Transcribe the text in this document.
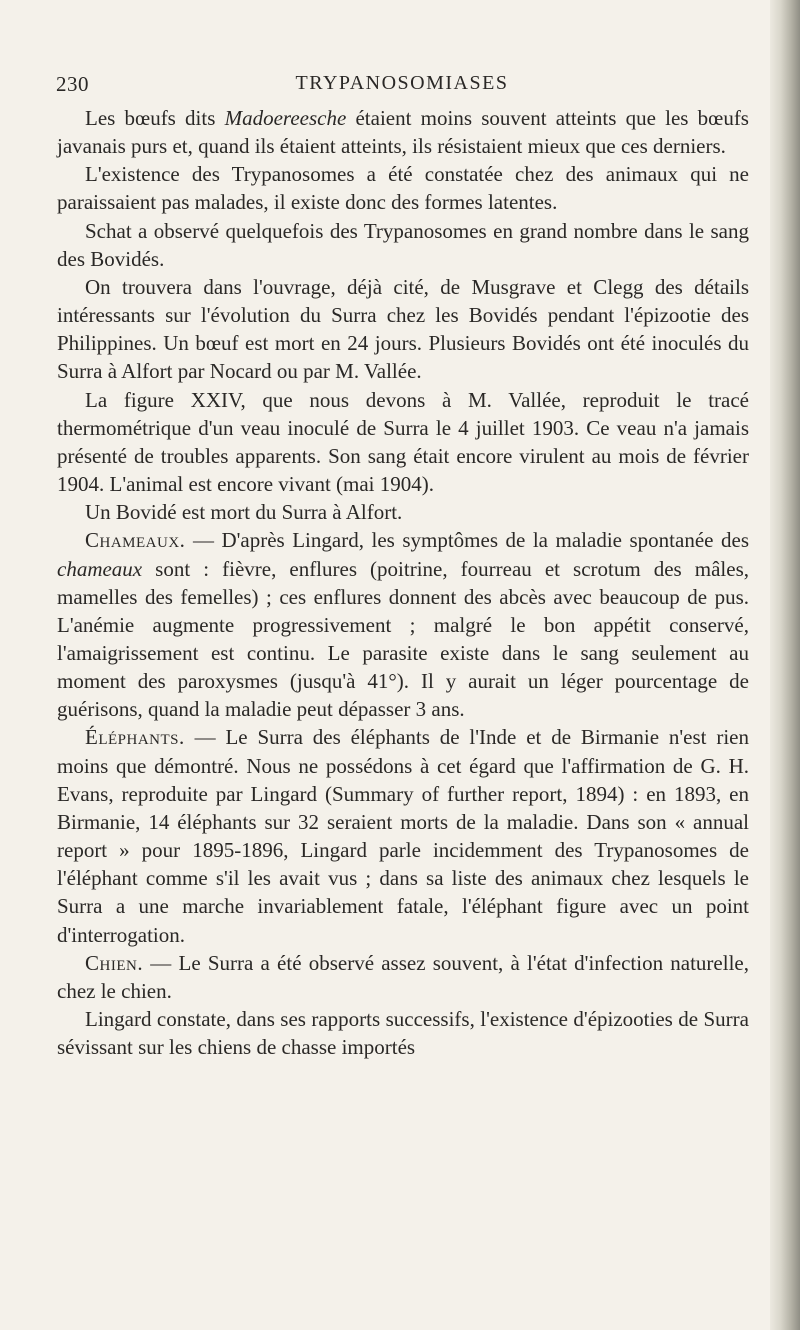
230	TRYPANOSOMIASES

Les bœufs dits Madoereesche étaient moins souvent atteints que les bœufs javanais purs et, quand ils étaient atteints, ils résistaient mieux que ces derniers.

L'existence des Trypanosomes a été constatée chez des animaux qui ne paraissaient pas malades, il existe donc des formes latentes.

Schat a observé quelquefois des Trypanosomes en grand nombre dans le sang des Bovidés.

On trouvera dans l'ouvrage, déjà cité, de Musgrave et Clegg des détails intéressants sur l'évolution du Surra chez les Bovidés pendant l'épizootie des Philippines. Un bœuf est mort en 24 jours. Plusieurs Bovidés ont été inoculés du Surra à Alfort par Nocard ou par M. Vallée.

La figure XXIV, que nous devons à M. Vallée, reproduit le tracé thermométrique d'un veau inoculé de Surra le 4 juillet 1903. Ce veau n'a jamais présenté de troubles apparents. Son sang était encore virulent au mois de février 1904. L'animal est encore vivant (mai 1904).

Un Bovidé est mort du Surra à Alfort.

Chameaux. — D'après Lingard, les symptômes de la maladie spontanée des chameaux sont : fièvre, enflures (poitrine, fourreau et scrotum des mâles, mamelles des femelles) ; ces enflures donnent des abcès avec beaucoup de pus. L'anémie augmente progressivement ; malgré le bon appétit conservé, l'amaigrissement est continu. Le parasite existe dans le sang seulement au moment des paroxysmes (jusqu'à 41°). Il y aurait un léger pourcentage de guérisons, quand la maladie peut dépasser 3 ans.

Éléphants. — Le Surra des éléphants de l'Inde et de Birmanie n'est rien moins que démontré. Nous ne possédons à cet égard que l'affirmation de G. H. Evans, reproduite par Lingard (Summary of further report, 1894) : en 1893, en Birmanie, 14 éléphants sur 32 seraient morts de la maladie. Dans son « annual report » pour 1895-1896, Lingard parle incidemment des Trypanosomes de l'éléphant comme s'il les avait vus ; dans sa liste des animaux chez lesquels le Surra a une marche invariablement fatale, l'éléphant figure avec un point d'interrogation.

Chien. — Le Surra a été observé assez souvent, à l'état d'infection naturelle, chez le chien.

Lingard constate, dans ses rapports successifs, l'existence d'épizooties de Surra sévissant sur les chiens de chasse importés
